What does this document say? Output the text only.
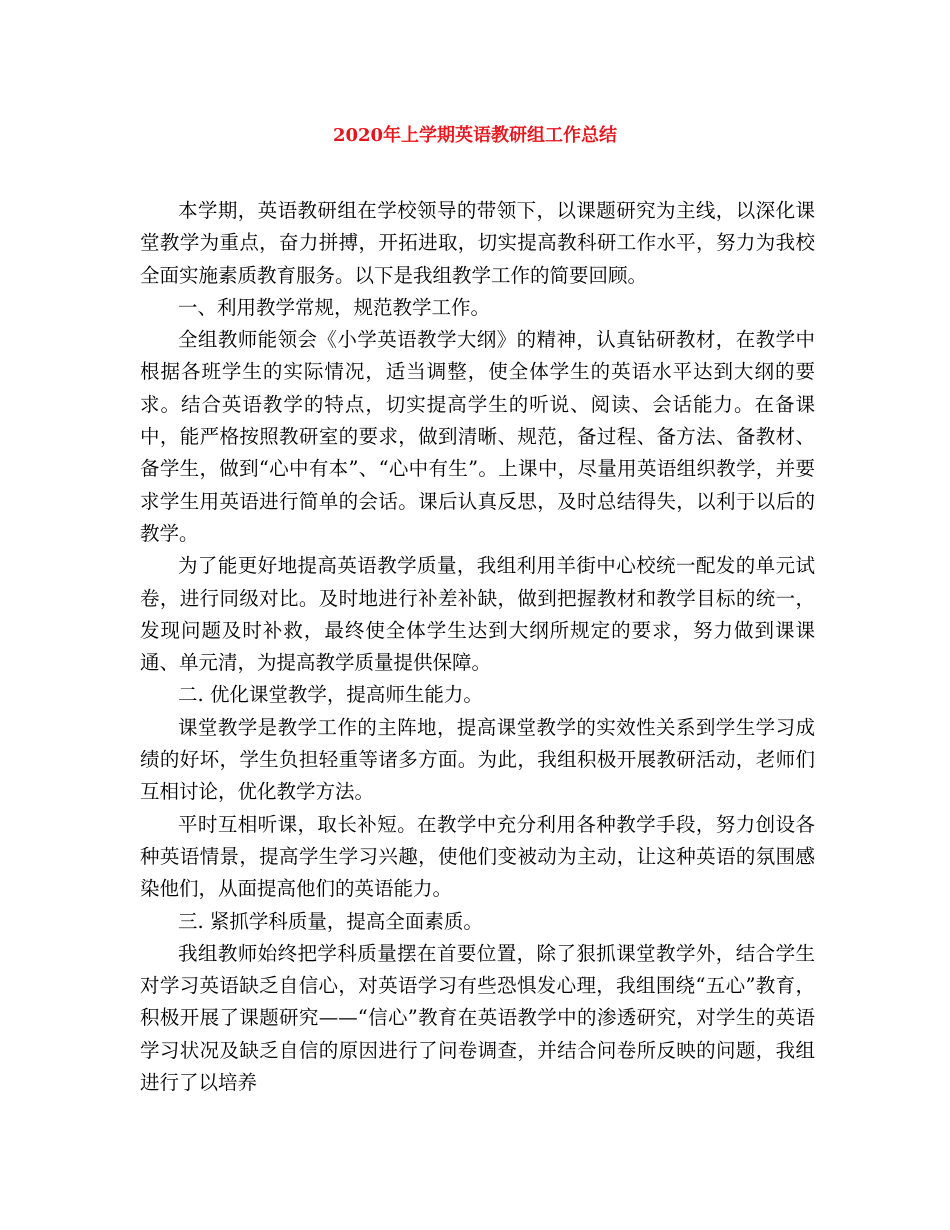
2020年上学期英语教研组工作总结

本学期，英语教研组在学校领导的带领下，以课题研究为主线，以深化课堂教学为重点，奋力拼搏，开拓进取，切实提高教科研工作水平，努力为我校全面实施素质教育服务。以下是我组教学工作的简要回顾。

一、利用教学常规，规范教学工作。

全组教师能领会《小学英语教学大纲》的精神，认真钻研教材，在教学中根据各班学生的实际情况，适当调整，使全体学生的英语水平达到大纲的要求。结合英语教学的特点，切实提高学生的听说、阅读、会话能力。在备课中，能严格按照教研室的要求，做到清晰、规范，备过程、备方法、备教材、备学生，做到“心中有本”、“心中有生”。上课中，尽量用英语组织教学，并要求学生用英语进行简单的会话。课后认真反思，及时总结得失，以利于以后的教学。

为了能更好地提高英语教学质量，我组利用羊街中心校统一配发的单元试卷，进行同级对比。及时地进行补差补缺，做到把握教材和教学目标的统一，发现问题及时补救，最终使全体学生达到大纲所规定的要求，努力做到课课通、单元清，为提高教学质量提供保障。

二. 优化课堂教学，提高师生能力。

课堂教学是教学工作的主阵地，提高课堂教学的实效性关系到学生学习成绩的好坏，学生负担轻重等诸多方面。为此，我组积极开展教研活动，老师们互相讨论，优化教学方法。

平时互相听课，取长补短。在教学中充分利用各种教学手段，努力创设各种英语情景，提高学生学习兴趣，使他们变被动为主动，让这种英语的氛围感染他们，从面提高他们的英语能力。

三. 紧抓学科质量，提高全面素质。

我组教师始终把学科质量摆在首要位置，除了狠抓课堂教学外，结合学生对学习英语缺乏自信心，对英语学习有些恐惧发心理，我组围绕“五心”教育，积极开展了课题研究——“信心”教育在英语教学中的渗透研究，对学生的英语学习状况及缺乏自信的原因进行了问卷调查，并结合问卷所反映的问题，我组进行了以培养
